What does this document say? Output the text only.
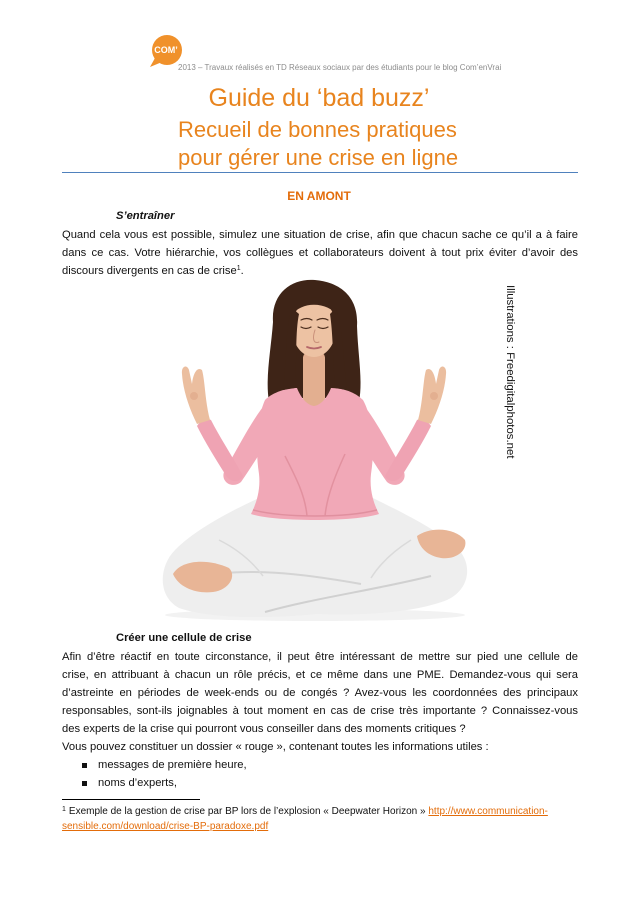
COM’
2013 – Travaux réalisés en TD Réseaux sociaux par des étudiants pour le blog Com’enVrai
Guide du ‘bad buzz’
Recueil de bonnes pratiques
pour gérer une crise en ligne
EN AMONT
S’entraîner
Quand cela vous est possible, simulez une situation de crise, afin que chacun sache ce qu’il a à faire
dans ce cas. Votre hiérarchie, vos collègues et collaborateurs doivent à tout prix éviter d’avoir des
discours divergents en cas de crise$^1$.
Illustrations : Freedigitalphotos.net
Créer une cellule de crise
Afin d’être réactif en toute circonstance, il peut être intéressant de mettre sur pied une cellule de
crise, en attribuant à chacun un rôle précis, et ce même dans une PME. Demandez-vous qui sera
d’astreinte en périodes de week-ends ou de congés ? Avez-vous les coordonnées des principaux
responsables, sont-ils joignables à tout moment en cas de crise très importante ? Connaissez-vous
des experts de la crise qui pourront vous conseiller dans des moments critiques ?
Vous pouvez constituer un dossier « rouge », contenant toutes les informations utiles :
messages de première heure,
noms d’experts,
$^1$ Exemple de la gestion de crise par BP lors de l’explosion « Deepwater Horizon » http://www.communication-
sensible.com/download/crise-BP-paradoxe.pdf
